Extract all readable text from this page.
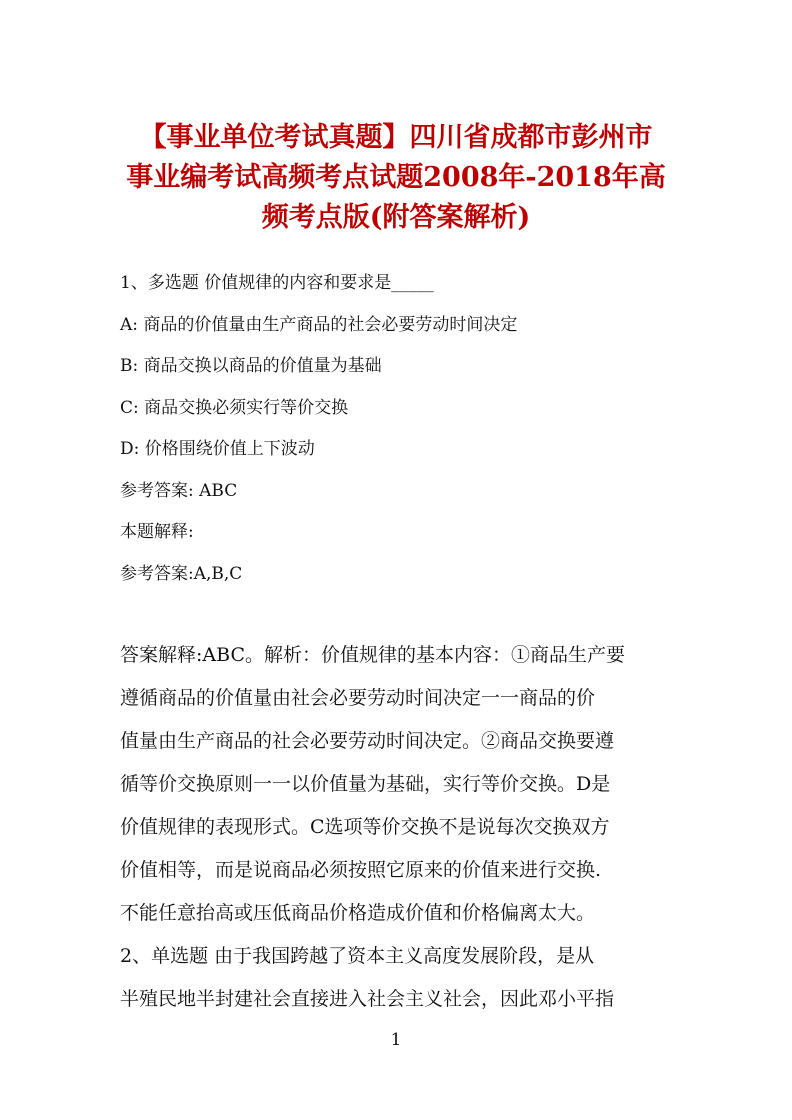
【事业单位考试真题】四川省成都市彭州市
事业编考试高频考点试题2008年-2018年高
频考点版(附答案解析)

1、多选题 价值规律的内容和要求是_____

A: 商品的价值量由生产商品的社会必要劳动时间决定

B: 商品交换以商品的价值量为基础

C: 商品交换必须实行等价交换

D: 价格围绕价值上下波动

参考答案: ABC

本题解释:

参考答案:A,B,C

答案解释:ABC。解析：价值规律的基本内容：①商品生产要
遵循商品的价值量由社会必要劳动时间决定一一商品的价
值量由生产商品的社会必要劳动时间决定。②商品交换要遵
循等价交换原则一一以价值量为基础，实行等价交换。D是
价值规律的表现形式。C选项等价交换不是说每次交换双方
价值相等，而是说商品必须按照它原来的价值来进行交换.
不能任意抬高或压低商品价格造成价值和价格偏离太大。

2、单选题 由于我国跨越了资本主义高度发展阶段，是从
半殖民地半封建社会直接进入社会主义社会，因此邓小平指

1
